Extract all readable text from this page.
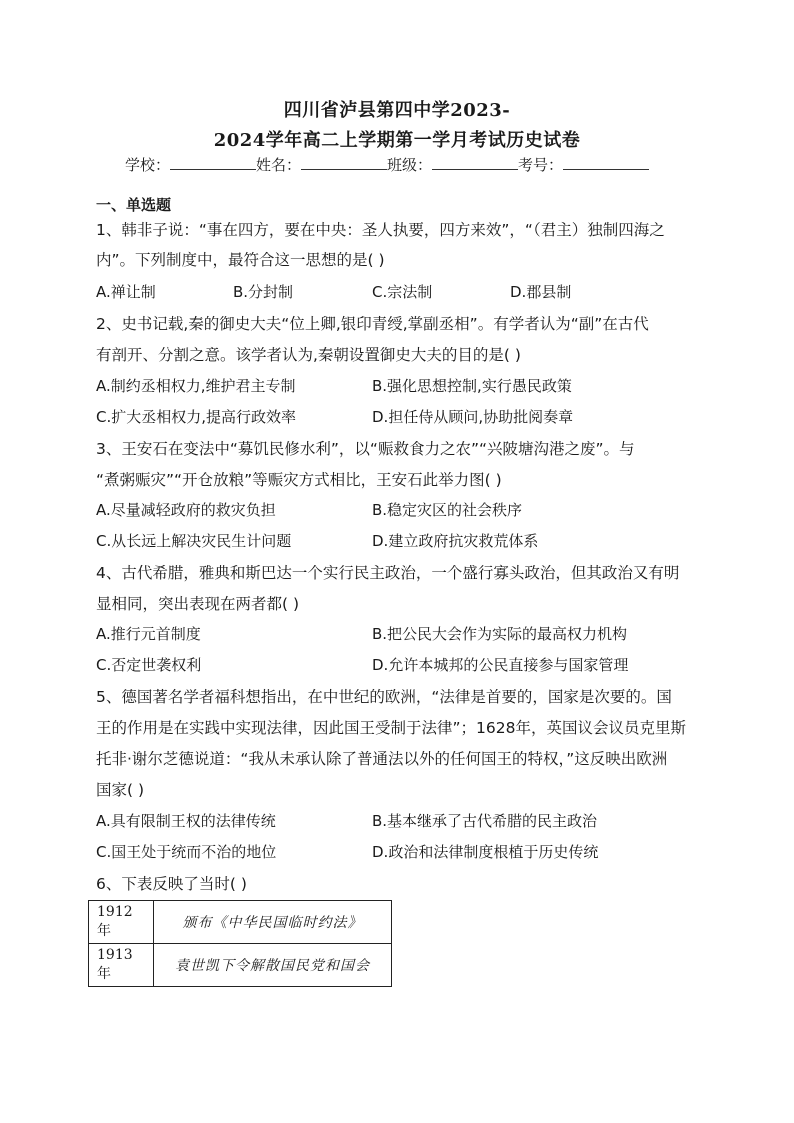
四川省泸县第四中学2023-
2024学年高二上学期第一学月考试历史试卷
学校：	姓名：	班级：	考号：
一、单选题
1、韩非子说：“事在四方，要在中央：圣人执要，四方来效”，“（君主）独制四海之
内”。下列制度中，最符合这一思想的是( )
A.禅让制	B.分封制	C.宗法制	D.郡县制
2、史书记载,秦的御史大夫“位上卿,银印青绶,掌副丞相”。有学者认为“副”在古代
有剖开、分割之意。该学者认为,秦朝设置御史大夫的目的是( )
A.制约丞相权力,维护君主专制	B.强化思想控制,实行愚民政策
C.扩大丞相权力,提高行政效率	D.担任侍从顾问,协助批阅奏章
3、王安石在变法中“募饥民修水利”，以“赈救食力之农”“兴陂塘沟港之废”。与
“煮粥赈灾”“开仓放粮”等赈灾方式相比，王安石此举力图( )
A.尽量减轻政府的救灾负担	B.稳定灾区的社会秩序
C.从长远上解决灾民生计问题	D.建立政府抗灾救荒体系
4、古代希腊，雅典和斯巴达一个实行民主政治，一个盛行寡头政治，但其政治又有明
显相同，突出表现在两者都( )
A.推行元首制度	B.把公民大会作为实际的最高权力机构
C.否定世袭权利	D.允许本城邦的公民直接参与国家管理
5、德国著名学者福科想指出，在中世纪的欧洲，“法律是首要的，国家是次要的。国
王的作用是在实践中实现法律，因此国王受制于法律”；1628年，英国议会议员克里斯
托非·谢尔芝德说道：“我从未承认除了普通法以外的任何国王的特权，”这反映出欧洲
国家( )
A.具有限制王权的法律传统	B.基本继承了古代希腊的民主政治
C.国王处于统而不治的地位	D.政治和法律制度根植于历史传统
6、下表反映了当时( )
1912年	颁布《中华民国临时约法》
1913年	袁世凯下令解散国民党和国会
